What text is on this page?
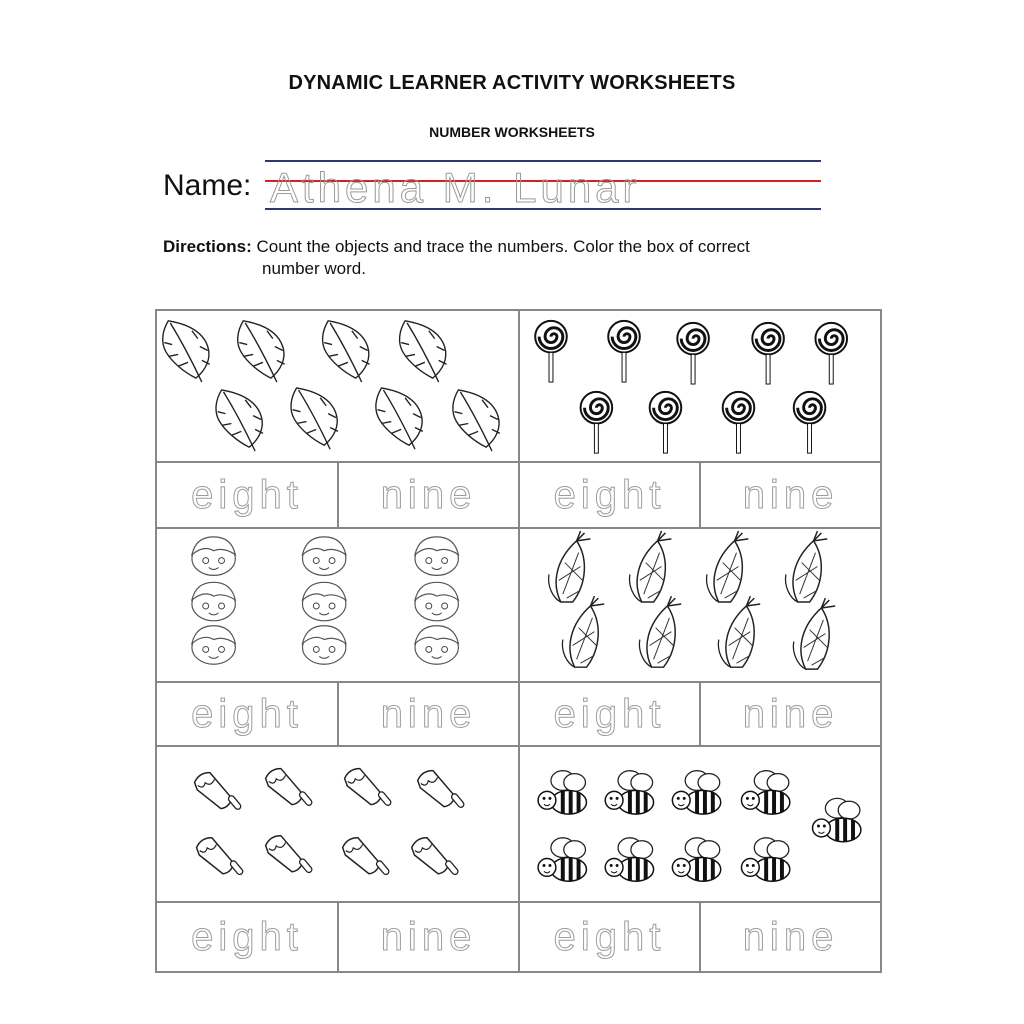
DYNAMIC LEARNER ACTIVITY WORKSHEETS
NUMBER WORKSHEETS
Name: Athena M. Lunar
Directions: Count the objects and trace the numbers. Color the box of correct
number word.
eight	nine	eight	nine
eight	nine	eight	nine
eight	nine	eight	nine
